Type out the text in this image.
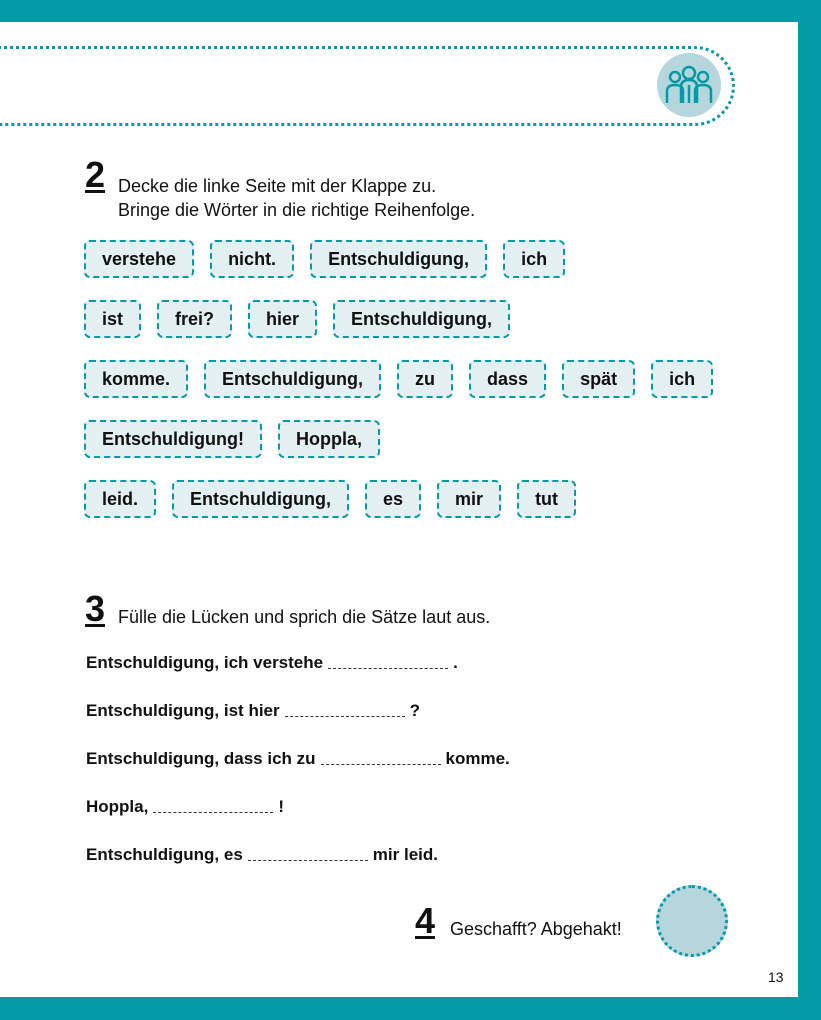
2 Decke die linke Seite mit der Klappe zu.
Bringe die Wörter in die richtige Reihenfolge.
verstehe	nicht.	Entschuldigung,	ich
ist	frei?	hier	Entschuldigung,
komme.	Entschuldigung,	zu	dass	spät	ich
Entschuldigung!	Hoppla,
leid.	Entschuldigung,	es	mir	tut
3 Fülle die Lücken und sprich die Sätze laut aus.
Entschuldigung, ich verstehe	.
Entschuldigung, ist hier	?
Entschuldigung, dass ich zu	komme.
Hoppla,	!
Entschuldigung, es	mir leid.
4 Geschafft? Abgehakt!
13
